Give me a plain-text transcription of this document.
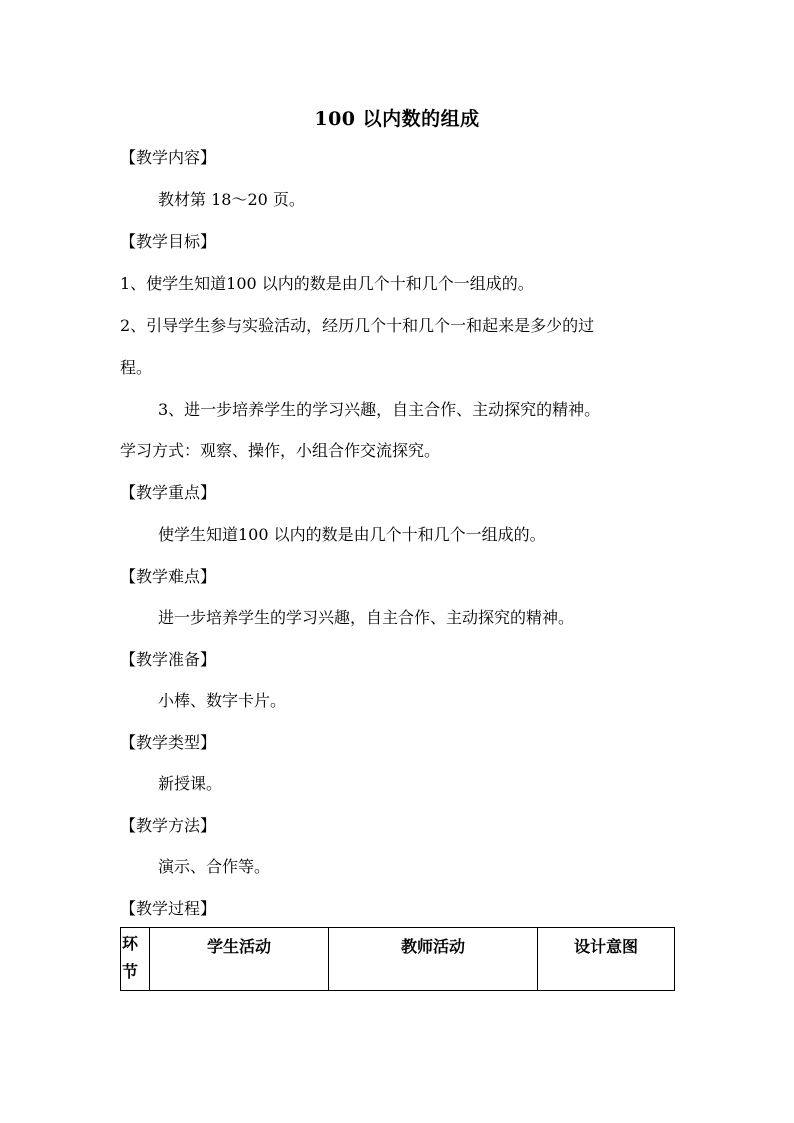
100 以内数的组成
【教学内容】
教材第 18～20 页。
【教学目标】
1、使学生知道100 以内的数是由几个十和几个一组成的。
2、引导学生参与实验活动，经历几个十和几个一和起来是多少的过
程。
3、进一步培养学生的学习兴趣，自主合作、主动探究的精神。
学习方式：观察、操作，小组合作交流探究。
【教学重点】
使学生知道100 以内的数是由几个十和几个一组成的。
【教学难点】
进一步培养学生的学习兴趣，自主合作、主动探究的精神。
【教学准备】
小棒、数字卡片。
【教学类型】
新授课。
【教学方法】
演示、合作等。
【教学过程】
环节
学生活动	教师活动	设计意图
